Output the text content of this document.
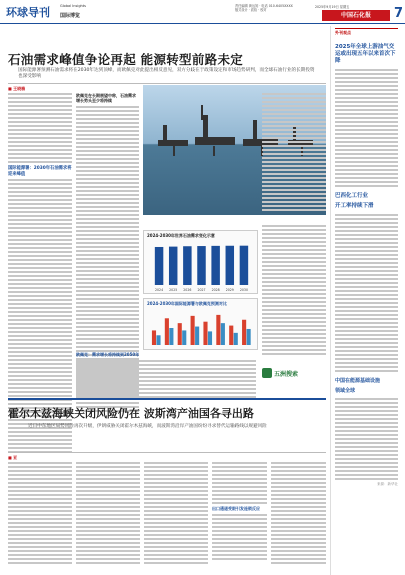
环球导刊	Global Insights
国际博览
责任编辑 黄达知 · 电话 010-6405XXXX
版式设计 · 质检 · 校对
2025年9月19日 星期五
中国石化报	7
石油需求峰值争论再起 能源转型前路未定
国际能源署预测石油需求将在2030年达到顶峰，而欧佩克对此提出相反意见，双方分歧在于政策设定和市场趋势研判，而全球石油行业的长期投资也深受影响
■ 王晓楠
国际能源署：2030年石油需求将迎来峰值
欧佩克在长期展望中称，石油需求增长势头至少将持续
2024-2030年世界石油需求变化示意
2024 2025 2026 2027 2028 2029 2030
2024-2030年国际能源署与欧佩克预测对比
欧佩克：需求增长将持续到2050年
五洲搜索
霍尔木兹海峡关闭风险仍在 波斯湾产油国各寻出路
近日中东地区局势风险再次升级，伊朗威胁关闭霍尔木兹海峡，而波斯湾沿岸产油国纷纷寻求替代运输路线以规避风险
■ 亚
出口通道受限引发连锁反应
外刊观点
2025年全球上游油气交运或出现五年以来首次下降
巴西化工行业
开工率持续下滑
中国在能源基础设施
领域全球
来源：新华社
